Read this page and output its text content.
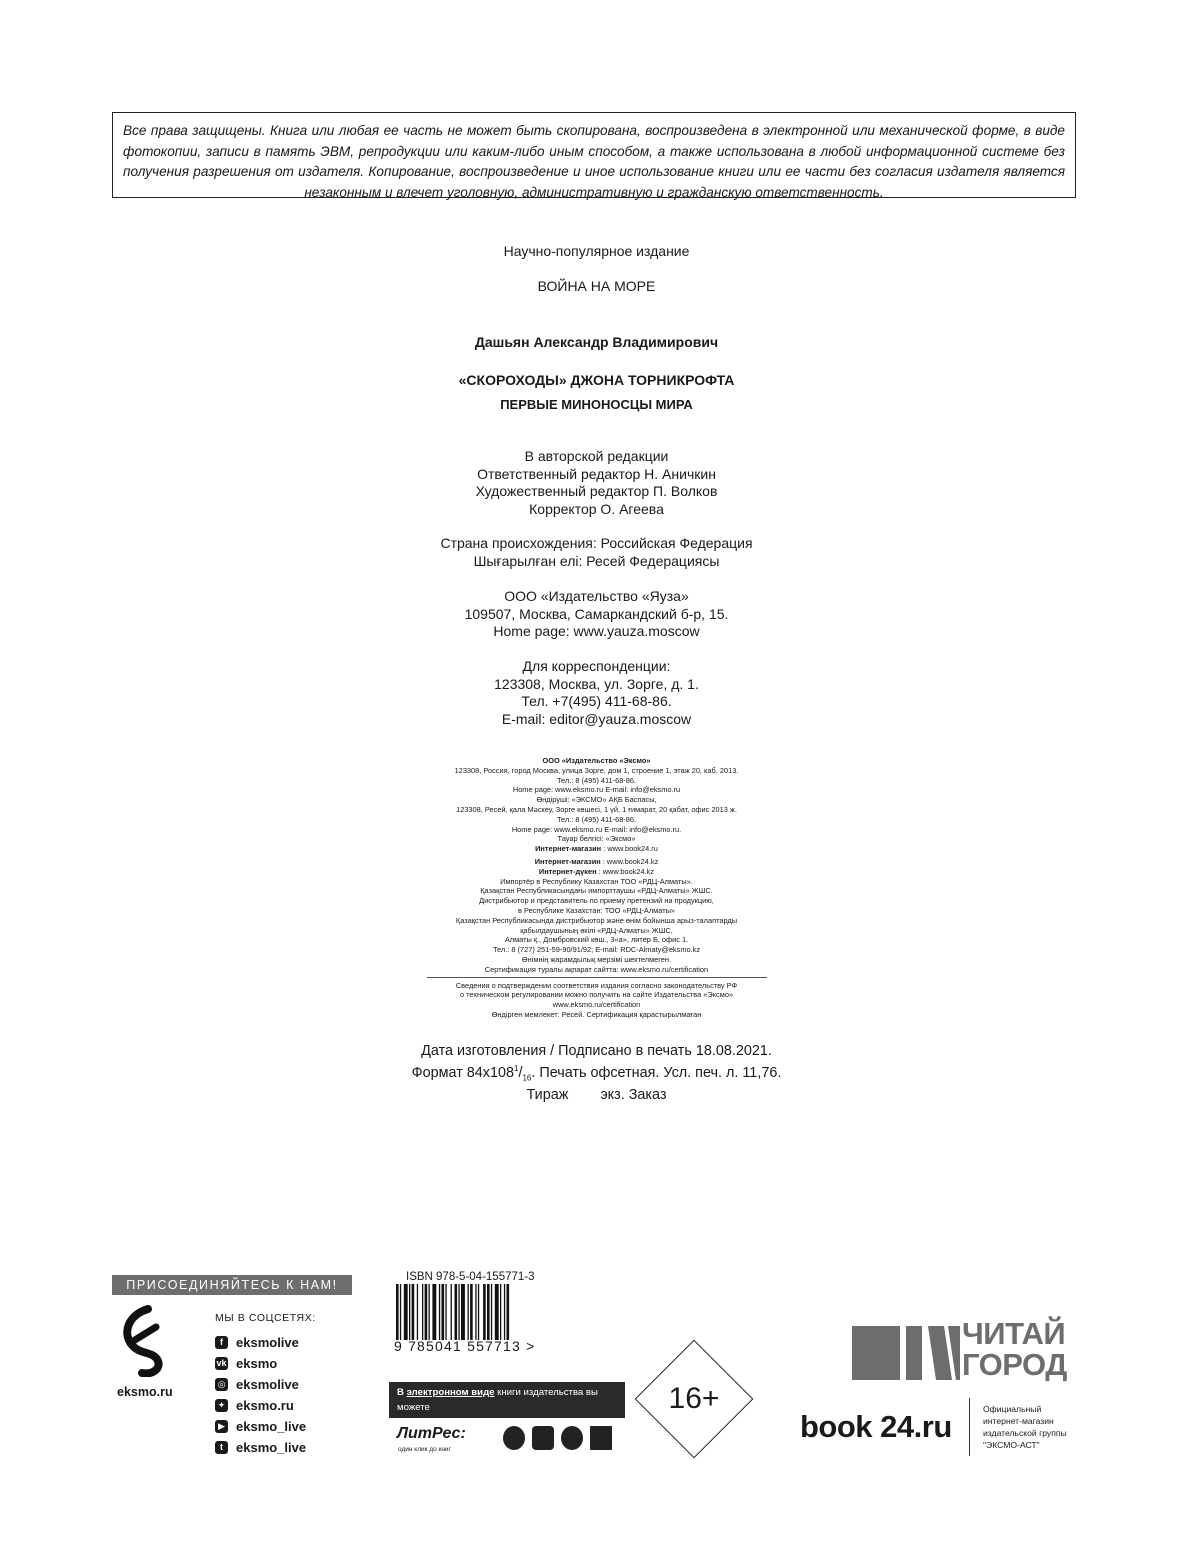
Все права защищены. Книга или любая ее часть не может быть скопирована, воспроизведена в электронной или механической форме, в виде фотокопии, записи в память ЭВМ, репродукции или каким-либо иным способом, а также использована в любой информационной системе без получения разрешения от издателя. Копирование, воспроизведение и иное использование книги или ее части без согласия издателя является незаконным и влечет уголовную, административную и гражданскую ответственность.

Научно-популярное издание

ВОЙНА НА МОРЕ

Дашьян Александр Владимирович

«СКОРОХОДЫ» ДЖОНА ТОРНИКРОФТА

ПЕРВЫЕ МИНОНОСЦЫ МИРА

В авторской редакции
Ответственный редактор Н. Аничкин
Художественный редактор П. Волков
Корректор О. Агеева
Страна происхождения: Российская Федерация
Шығарылған елі: Ресей Федерациясы
ООО «Издательство «Яуза»
109507, Москва, Самаркандский б-р, 15.
Home page: www.yauza.moscow
Для корреспонденции:
123308, Москва, ул. Зорге, д. 1.
Тел. +7(495) 411-68-86.
E-mail: editor@yauza.moscow
ООО «Издательство «Эксмо»
123308, Россия, город Москва, улица Зорге, дом 1, строение 1, этаж 20, каб. 2013.
Тел.: 8 (495) 411-68-86.
Home page: www.eksmo.ru E-mail: info@eksmo.ru
Өндіруші: «ЭКСМО» АҚБ Баспасы,
123308, Ресей, қала Мәскеу, Зорге көшесі, 1 үй, 1 ғимарат, 20 қабат, офис 2013 ж.
Тел.: 8 (495) 411-68-86.
Home page: www.eksmo.ru E-mail: info@eksmo.ru.
Тауар белгісі: «Эксмо»
Интернет-магазин : www.book24.ru
Интернет-магазин : www.book24.kz
Интернет-дүкен : www.book24.kz
Импортёр в Республику Казахстан ТОО «РДЦ-Алматы».
Қазақстан Республикасындағы импорттаушы «РДЦ-Алматы» ЖШС.
Дистрибьютор и представитель по приему претензий на продукцию,
в Республике Казахстан: ТОО «РДЦ-Алматы»
Қазақстан Республикасында дистрибьютор және өнім бойынша арыз-талаптарды
қабылдаушының өкілі «РДЦ-Алматы» ЖШС,
Алматы қ., Домбровский көш., 3«а», литер Б, офис 1.
Тел.: 8 (727) 251-59-90/91/92; E-mail: RDC-Almaty@eksmo.kz
Өнімнің жарамдылық мерзімі шектелмеген.
Сертификация туралы ақпарат сайтта: www.eksmo.ru/certification
Сведения о подтверждении соответствия издания согласно законодательству РФ
о техническом регулировании можно получить на сайте Издательства «Эксмо»
www.eksmo.ru/certification
Өндірген мемлекет: Ресей. Сертификация қарастырылмаған
Дата изготовления / Подписано в печать 18.08.2021.
Формат $84x108^1/_{16}$. Печать офсетная. Усл. печ. л. 11,76.
Тираж экз. Заказ
ПРИСОЕДИНЯЙТЕСЬ К НАМ!
eksmo.ru
МЫ В СОЦСЕТЯХ:
f	eksmolive
vk eksmo
◎ eksmolive
✦ eksmo.ru
▶ eksmo_live
t	eksmo_live
ISBN 978-5-04-155771-3
9 785041 557713 >
В электронном виде книги издательства вы можете
купить на www.litres.ru
ЛитРес:
один клик до книг
16+
ЧИТАЙ
ГОРОД
book 24.ru	Официальный
интернет-магазин
издательской группы
"ЭКСМО-АСТ"
